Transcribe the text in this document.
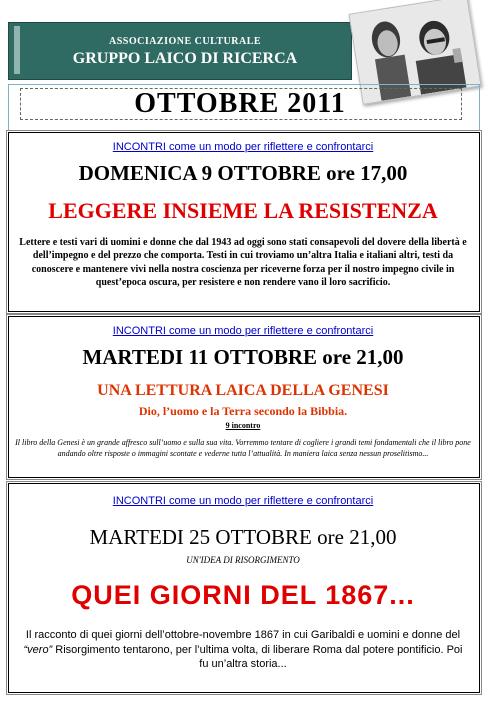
ASSOCIAZIONE CULTURALE
GRUPPO LAICO DI RICERCA
OTTOBRE 2011
INCONTRI come un modo per riflettere e confrontarci
DOMENICA 9 OTTOBRE ore 17,00
LEGGERE INSIEME LA RESISTENZA
Lettere e testi vari di uomini e donne che dal 1943 ad oggi sono stati consapevoli del dovere della libertà e dell’impegno e del prezzo che comporta. Testi in cui troviamo un’altra Italia e italiani altri, testi da conoscere e mantenere vivi nella nostra coscienza per riceverne forza per il nostro impegno civile in quest’epoca oscura, per resistere e non rendere vano il loro sacrificio.
INCONTRI come un modo per riflettere e confrontarci
MARTEDI 11 OTTOBRE ore 21,00
UNA LETTURA LAICA DELLA GENESI
Dio, l’uomo e la Terra secondo la Bibbia.
9 incontro
Il libro della Genesi è un grande affresco sull’uomo e sulla sua vita. Vorremmo tentare di cogliere i grandi temi fondamentali che il libro pone andando oltre risposte o immagini scontate e vederne tutta l’attualità. In maniera laica senza nessun proselitismo...
INCONTRI come un modo per riflettere e confrontarci
MARTEDI 25 OTTOBRE ore 21,00
UN'IDEA DI RISORGIMENTO
QUEI GIORNI DEL 1867...
Il racconto di quei giorni dell’ottobre-novembre 1867 in cui Garibaldi e uomini e donne del “vero” Risorgimento tentarono, per l’ultima volta, di liberare Roma dal potere pontificio. Poi fu un’altra storia...
